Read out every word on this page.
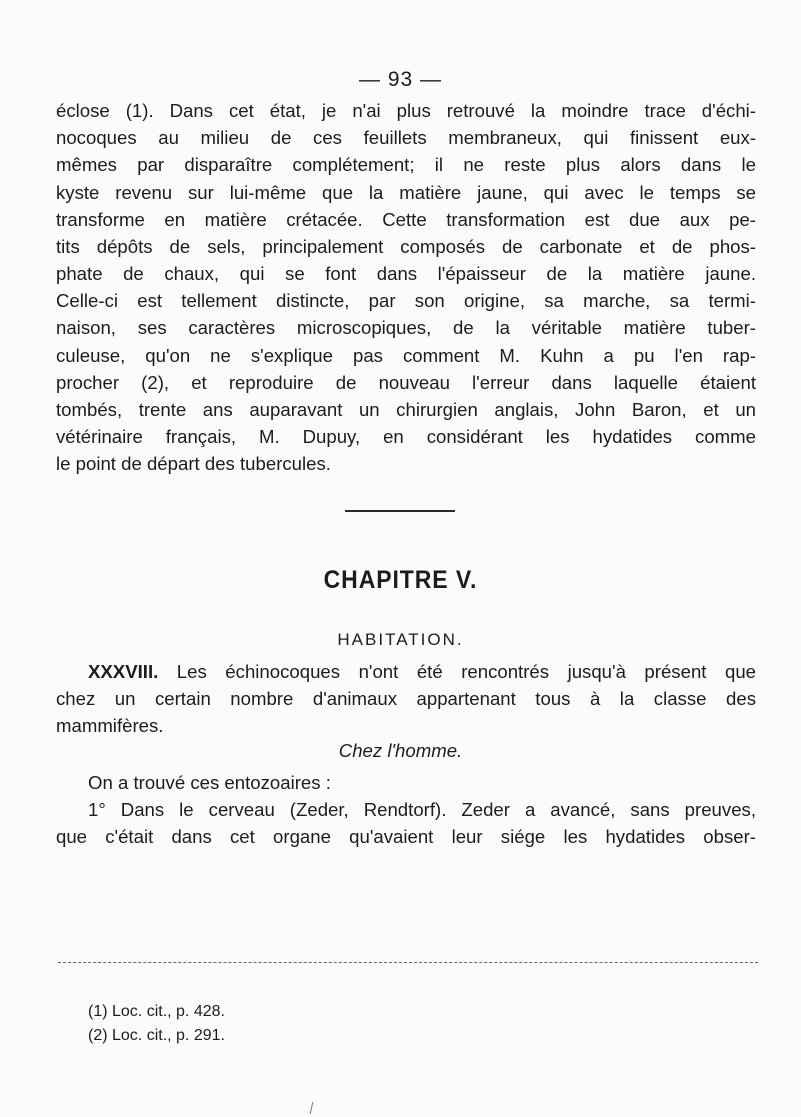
— 93 —
éclose (1). Dans cet état, je n'ai plus retrouvé la moindre trace d'échi-
nocoques au milieu de ces feuillets membraneux, qui finissent eux-
mêmes par disparaître complétement; il ne reste plus alors dans le
kyste revenu sur lui-même que la matière jaune, qui avec le temps se
transforme en matière crétacée. Cette transformation est due aux pe-
tits dépôts de sels, principalement composés de carbonate et de phos-
phate de chaux, qui se font dans l'épaisseur de la matière jaune.
Celle-ci est tellement distincte, par son origine, sa marche, sa termi-
naison, ses caractères microscopiques, de la véritable matière tuber-
culeuse, qu'on ne s'explique pas comment M. Kuhn a pu l'en rap-
procher (2), et reproduire de nouveau l'erreur dans laquelle étaient
tombés, trente ans auparavant un chirurgien anglais, John Baron, et un
vétérinaire français, M. Dupuy, en considérant les hydatides comme
le point de départ des tubercules.
CHAPITRE V.
HABITATION.
XXXVIII. Les échinocoques n'ont été rencontrés jusqu'à présent que
chez un certain nombre d'animaux appartenant tous à la classe des
mammifères.
Chez l'homme.
On a trouvé ces entozoaires :
1° Dans le cerveau (Zeder, Rendtorf). Zeder a avancé, sans preuves,
que c'était dans cet organe qu'avaient leur siége les hydatides obser-
(1) Loc. cit., p. 428.
(2) Loc. cit., p. 291.
